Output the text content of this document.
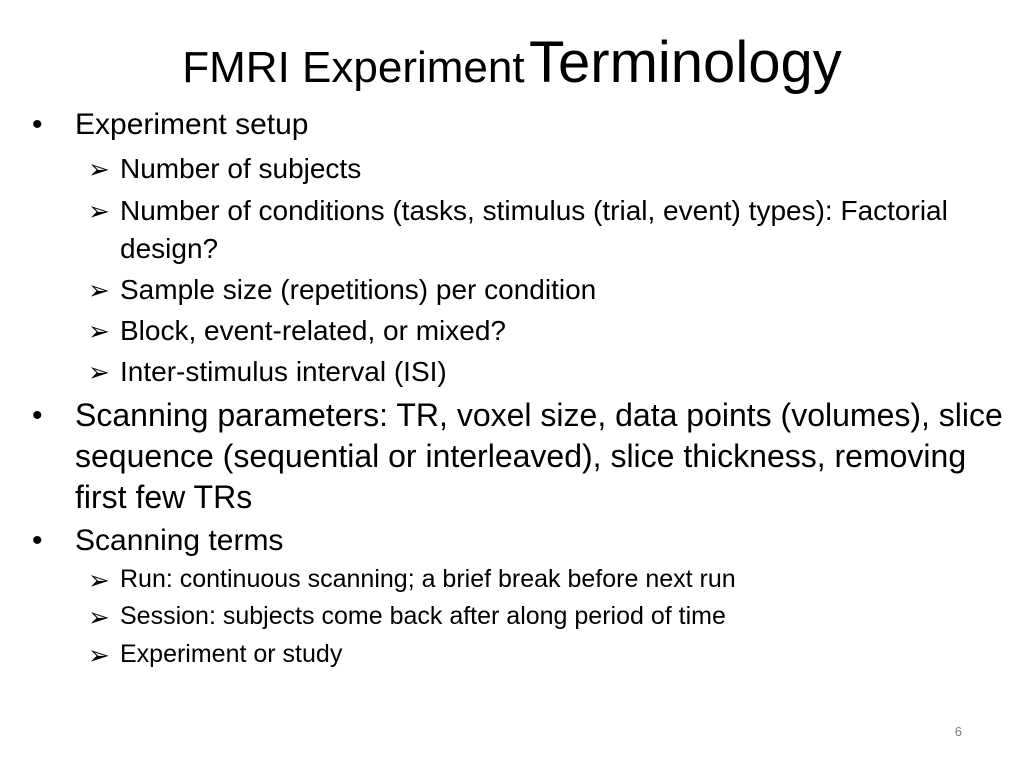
FMRI Experiment Terminology
• Experiment setup
➢ Number of subjects
➢ Number of conditions (tasks, stimulus (trial, event) types): Factorial design?
➢ Sample size (repetitions) per condition
➢ Block, event-related, or mixed?
➢ Inter-stimulus interval (ISI)
• Scanning parameters: TR, voxel size, data points (volumes), slice sequence (sequential or interleaved), slice thickness, removing first few TRs
• Scanning terms
➢ Run: continuous scanning; a brief break before next run
➢ Session: subjects come back after along period of time
➢ Experiment or study
6
